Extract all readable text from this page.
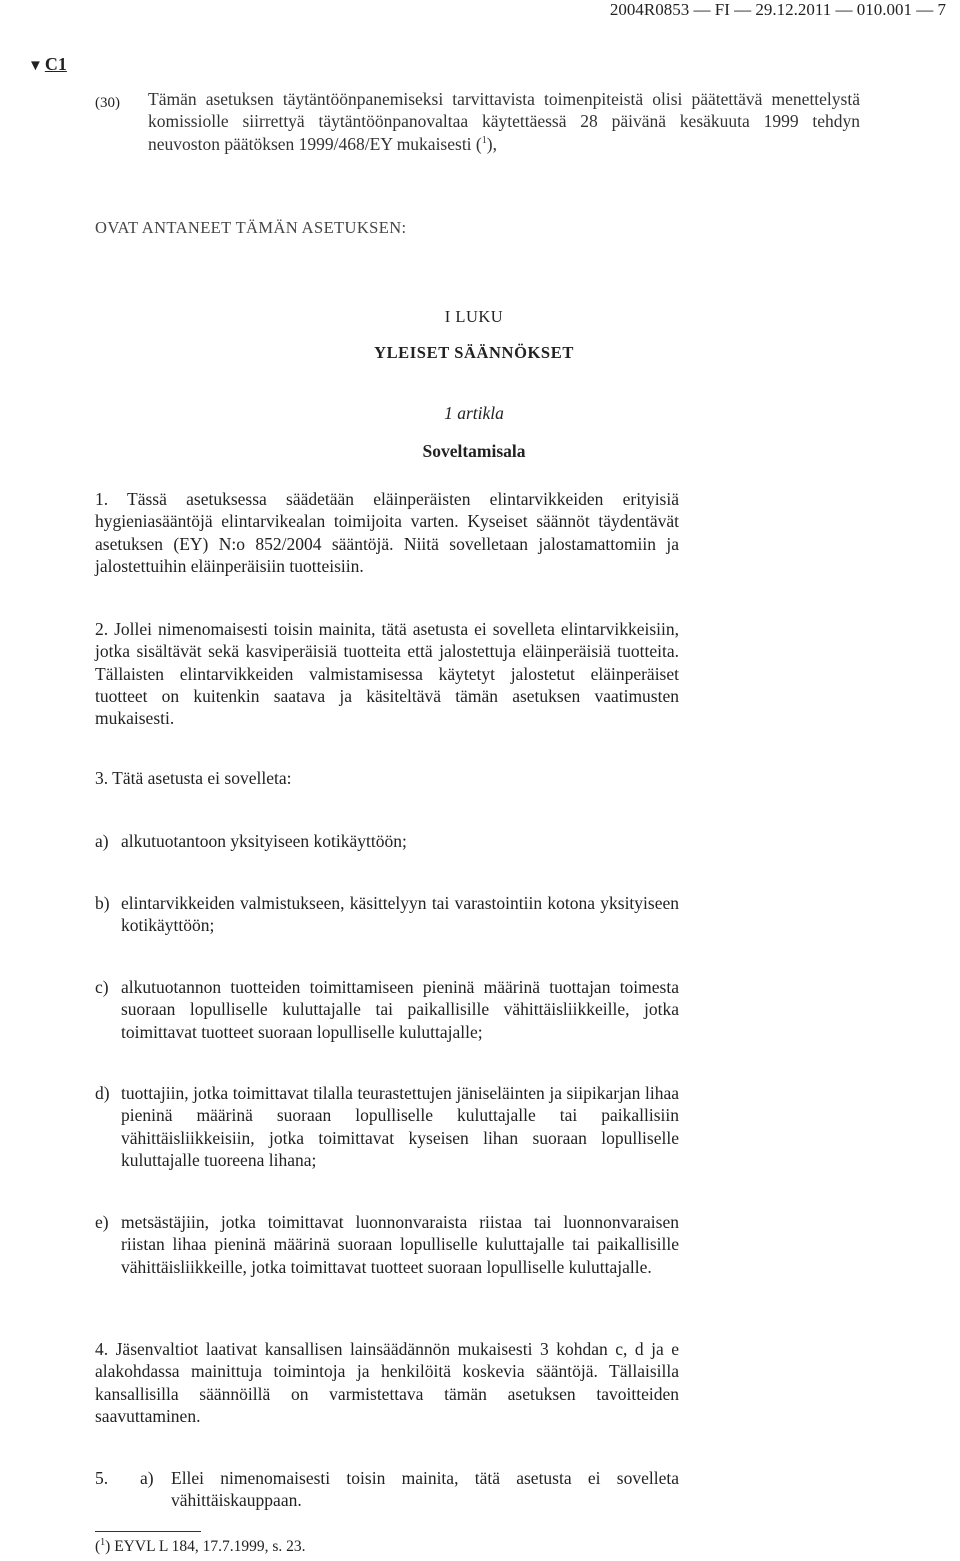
2004R0853 — FI — 29.12.2011 — 010.001 — 7
▼ C1
(30) Tämän asetuksen täytäntöönpanemiseksi tarvittavista toimenpiteistä olisi päätettävä menettelystä komissiolle siirrettyä täytäntöönpanovaltaa käytettäessä 28 päivänä kesäkuuta 1999 tehdyn neuvoston päätöksen 1999/468/EY mukaisesti ($^1$),
OVAT ANTANEET TÄMÄN ASETUKSEN:
I LUKU
YLEISET SÄÄNNÖKSET
1 artikla
Soveltamisala
1. Tässä asetuksessa säädetään eläinperäisten elintarvikkeiden erityisiä hygieniasääntöjä elintarvikealan toimijoita varten. Kyseiset säännöt täydentävät asetuksen (EY) N:o 852/2004 sääntöjä. Niitä sovelletaan jalostamattomiin ja jalostettuihin eläinperäisiin tuotteisiin.
2. Jollei nimenomaisesti toisin mainita, tätä asetusta ei sovelleta elintarvikkeisiin, jotka sisältävät sekä kasviperäisiä tuotteita että jalostettuja eläinperäisiä tuotteita. Tällaisten elintarvikkeiden valmistamisessa käytetyt jalostetut eläinperäiset tuotteet on kuitenkin saatava ja käsiteltävä tämän asetuksen vaatimusten mukaisesti.
3. Tätä asetusta ei sovelleta:
a) alkutuotantoon yksityiseen kotikäyttöön;
b) elintarvikkeiden valmistukseen, käsittelyyn tai varastointiin kotona yksityiseen kotikäyttöön;
c) alkutuotannon tuotteiden toimittamiseen pieninä määrinä tuottajan toimesta suoraan lopulliselle kuluttajalle tai paikallisille vähittäisliikkeille, jotka toimittavat tuotteet suoraan lopulliselle kuluttajalle;
d) tuottajiin, jotka toimittavat tilalla teurastettujen jäniseläinten ja siipikarjan lihaa pieninä määrinä suoraan lopulliselle kuluttajalle tai paikallisiin vähittäisliikkeisiin, jotka toimittavat kyseisen lihan suoraan lopulliselle kuluttajalle tuoreena lihana;
e) metsästäjiin, jotka toimittavat luonnonvaraista riistaa tai luonnonvaraisen riistan lihaa pieninä määrinä suoraan lopulliselle kuluttajalle tai paikallisille vähittäisliikkeille, jotka toimittavat tuotteet suoraan lopulliselle kuluttajalle.
4. Jäsenvaltiot laativat kansallisen lainsäädännön mukaisesti 3 kohdan c, d ja e alakohdassa mainittuja toimintoja ja henkilöitä koskevia sääntöjä. Tällaisilla kansallisilla säännöillä on varmistettava tämän asetuksen tavoitteiden saavuttaminen.
5. a) Ellei nimenomaisesti toisin mainita, tätä asetusta ei sovelleta vähittäiskauppaan.
($^1$) EYVL L 184, 17.7.1999, s. 23.
